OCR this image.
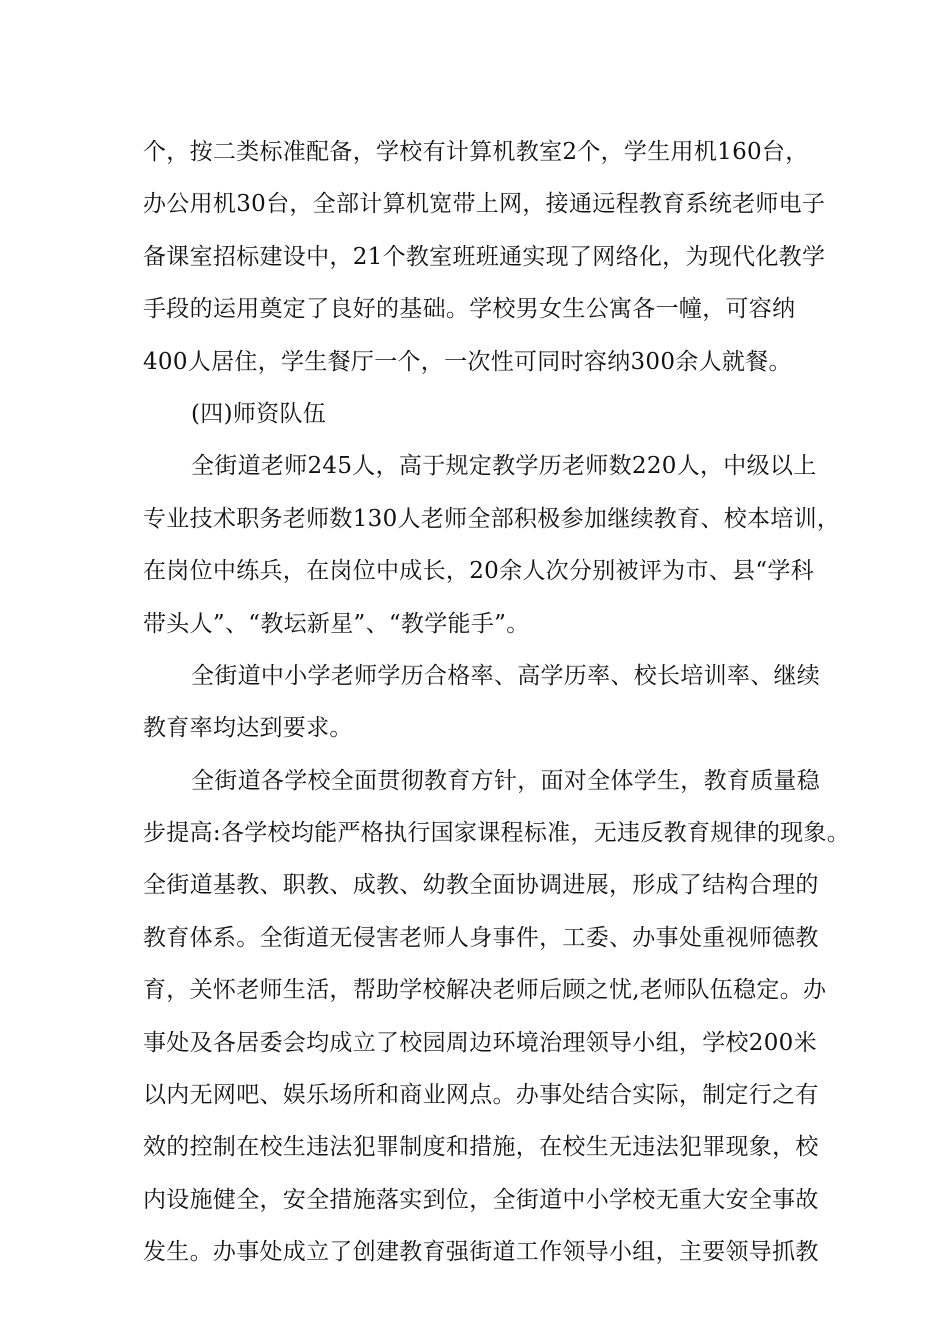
个，按二类标准配备，学校有计算机教室2个，学生用机160台，
办公用机30台，全部计算机宽带上网，接通远程教育系统老师电子
备课室招标建设中，21个教室班班通实现了网络化，为现代化教学
手段的运用奠定了良好的基础。学校男女生公寓各一幢，可容纳
400人居住，学生餐厅一个，一次性可同时容纳300余人就餐。
(四)师资队伍
全街道老师245人，高于规定教学历老师数220人，中级以上
专业技术职务老师数130人老师全部积极参加继续教育、校本培训，
在岗位中练兵，在岗位中成长，20余人次分别被评为市、县“学科
带头人”、“教坛新星”、“教学能手”。
全街道中小学老师学历合格率、高学历率、校长培训率、继续
教育率均达到要求。
全街道各学校全面贯彻教育方针，面对全体学生，教育质量稳
步提高:各学校均能严格执行国家课程标准，无违反教育规律的现象。
全街道基教、职教、成教、幼教全面协调进展，形成了结构合理的
教育体系。全街道无侵害老师人身事件，工委、办事处重视师德教
育，关怀老师生活，帮助学校解决老师后顾之忧,老师队伍稳定。办
事处及各居委会均成立了校园周边环境治理领导小组，学校200米
以内无网吧、娱乐场所和商业网点。办事处结合实际，制定行之有
效的控制在校生违法犯罪制度和措施，在校生无违法犯罪现象，校
内设施健全，安全措施落实到位，全街道中小学校无重大安全事故
发生。办事处成立了创建教育强街道工作领导小组，主要领导抓教
